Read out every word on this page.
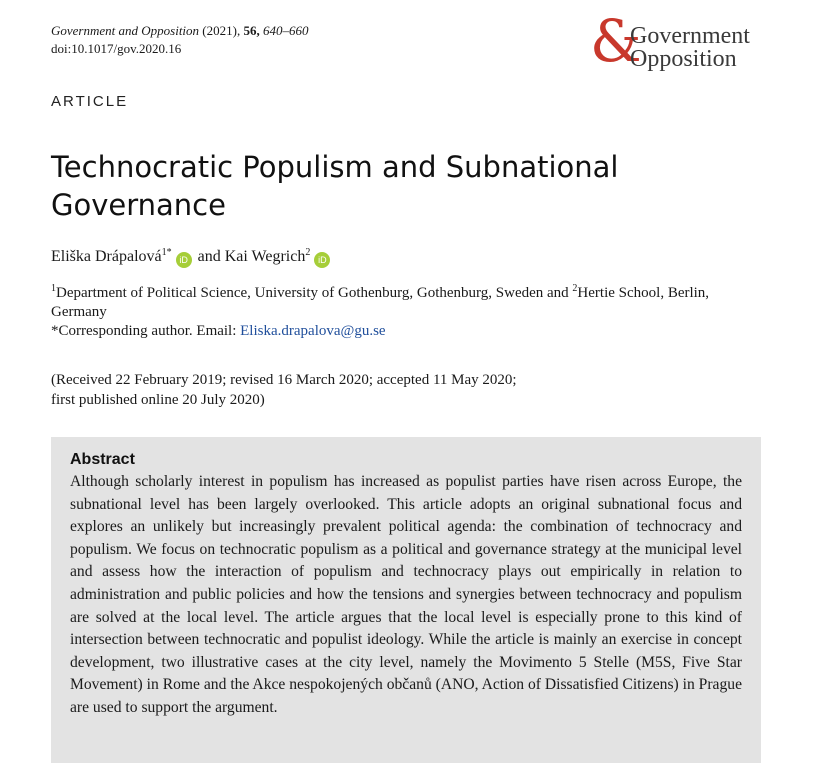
Government and Opposition (2021), 56, 640–660
doi:10.1017/gov.2020.16	&
Government
Opposition
ARTICLE
Technocratic Populism and Subnational Governance
Eliška Drápalová$^{1*}$iD and Kai Wegrich$^2$iD
$^1$Department of Political Science, University of Gothenburg, Gothenburg, Sweden and $^2$Hertie School, Berlin, Germany
*Corresponding author. Email: Eliska.drapalova@gu.se
(Received 22 February 2019; revised 16 March 2020; accepted 11 May 2020;
first published online 20 July 2020)
Abstract
Although scholarly interest in populism has increased as populist parties have risen across Europe, the subnational level has been largely overlooked. This article adopts an original subnational focus and explores an unlikely but increasingly prevalent political agenda: the combination of technocracy and populism. We focus on technocratic populism as a political and governance strategy at the municipal level and assess how the interaction of populism and technocracy plays out empirically in relation to administration and public policies and how the tensions and synergies between technocracy and populism are solved at the local level. The article argues that the local level is especially prone to this kind of intersection between technocratic and populist ideology. While the article is mainly an exercise in concept development, two illustrative cases at the city level, namely the Movimento 5 Stelle (M5S, Five Star Movement) in Rome and the Akce nespokojených občanů (ANO, Action of Dissatisfied Citizens) in Prague are used to support the argument.
